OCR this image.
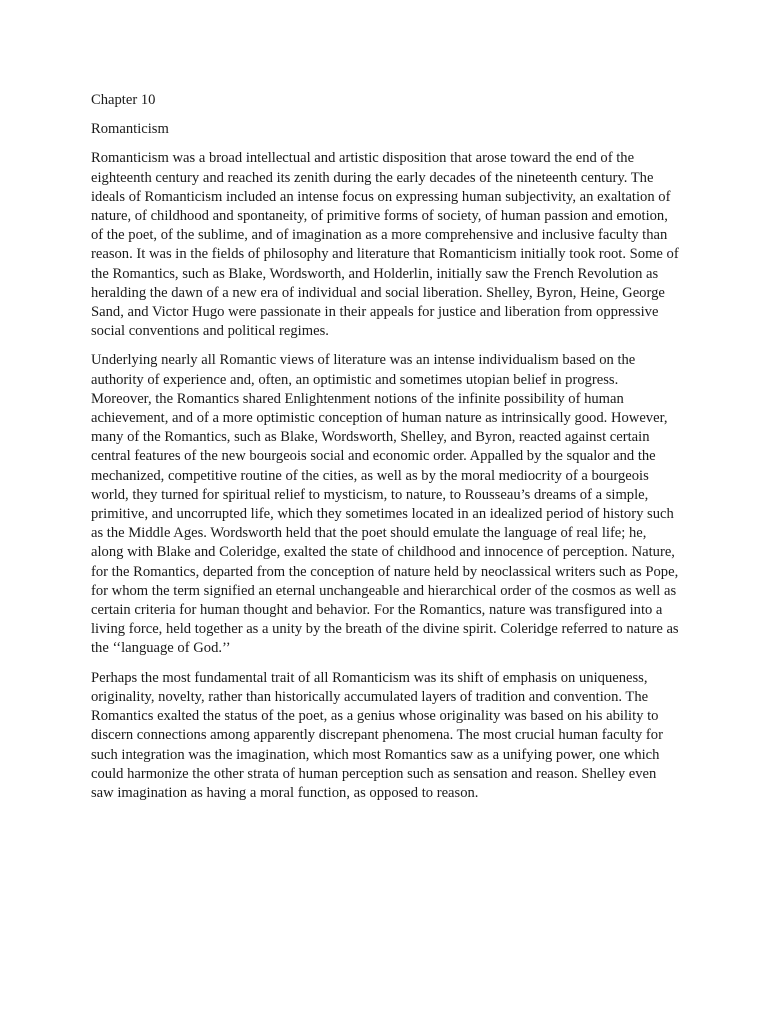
Chapter 10
Romanticism

Romanticism was a broad intellectual and artistic disposition that arose toward the end of the eighteenth century and reached its zenith during the early decades of the nineteenth century. The ideals of Romanticism included an intense focus on expressing human subjectivity, an exaltation of nature, of childhood and spontaneity, of primitive forms of society, of human passion and emotion, of the poet, of the sublime, and of imagination as a more comprehensive and inclusive faculty than reason. It was in the fields of philosophy and literature that Romanticism initially took root. Some of the Romantics, such as Blake, Wordsworth, and Holderlin, initially saw the French Revolution as heralding the dawn of a new era of individual and social liberation. Shelley, Byron, Heine, George Sand, and Victor Hugo were passionate in their appeals for justice and liberation from oppressive social conventions and political regimes.

Underlying nearly all Romantic views of literature was an intense individualism based on the authority of experience and, often, an optimistic and sometimes utopian belief in progress. Moreover, the Romantics shared Enlightenment notions of the infinite possibility of human achievement, and of a more optimistic conception of human nature as intrinsically good. However, many of the Romantics, such as Blake, Wordsworth, Shelley, and Byron, reacted against certain central features of the new bourgeois social and economic order. Appalled by the squalor and the mechanized, competitive routine of the cities, as well as by the moral mediocrity of a bourgeois world, they turned for spiritual relief to mysticism, to nature, to Rousseau’s dreams of a simple, primitive, and uncorrupted life, which they sometimes located in an idealized period of history such as the Middle Ages. Wordsworth held that the poet should emulate the language of real life; he, along with Blake and Coleridge, exalted the state of childhood and innocence of perception. Nature, for the Romantics, departed from the conception of nature held by neoclassical writers such as Pope, for whom the term signified an eternal unchangeable and hierarchical order of the cosmos as well as certain criteria for human thought and behavior. For the Romantics, nature was transfigured into a living force, held together as a unity by the breath of the divine spirit. Coleridge referred to nature as the ‘‘language of God.’’

Perhaps the most fundamental trait of all Romanticism was its shift of emphasis on uniqueness, originality, novelty, rather than historically accumulated layers of tradition and convention. The Romantics exalted the status of the poet, as a genius whose originality was based on his ability to discern connections among apparently discrepant phenomena. The most crucial human faculty for such integration was the imagination, which most Romantics saw as a unifying power, one which could harmonize the other strata of human perception such as sensation and reason. Shelley even saw imagination as having a moral function, as opposed to reason.
